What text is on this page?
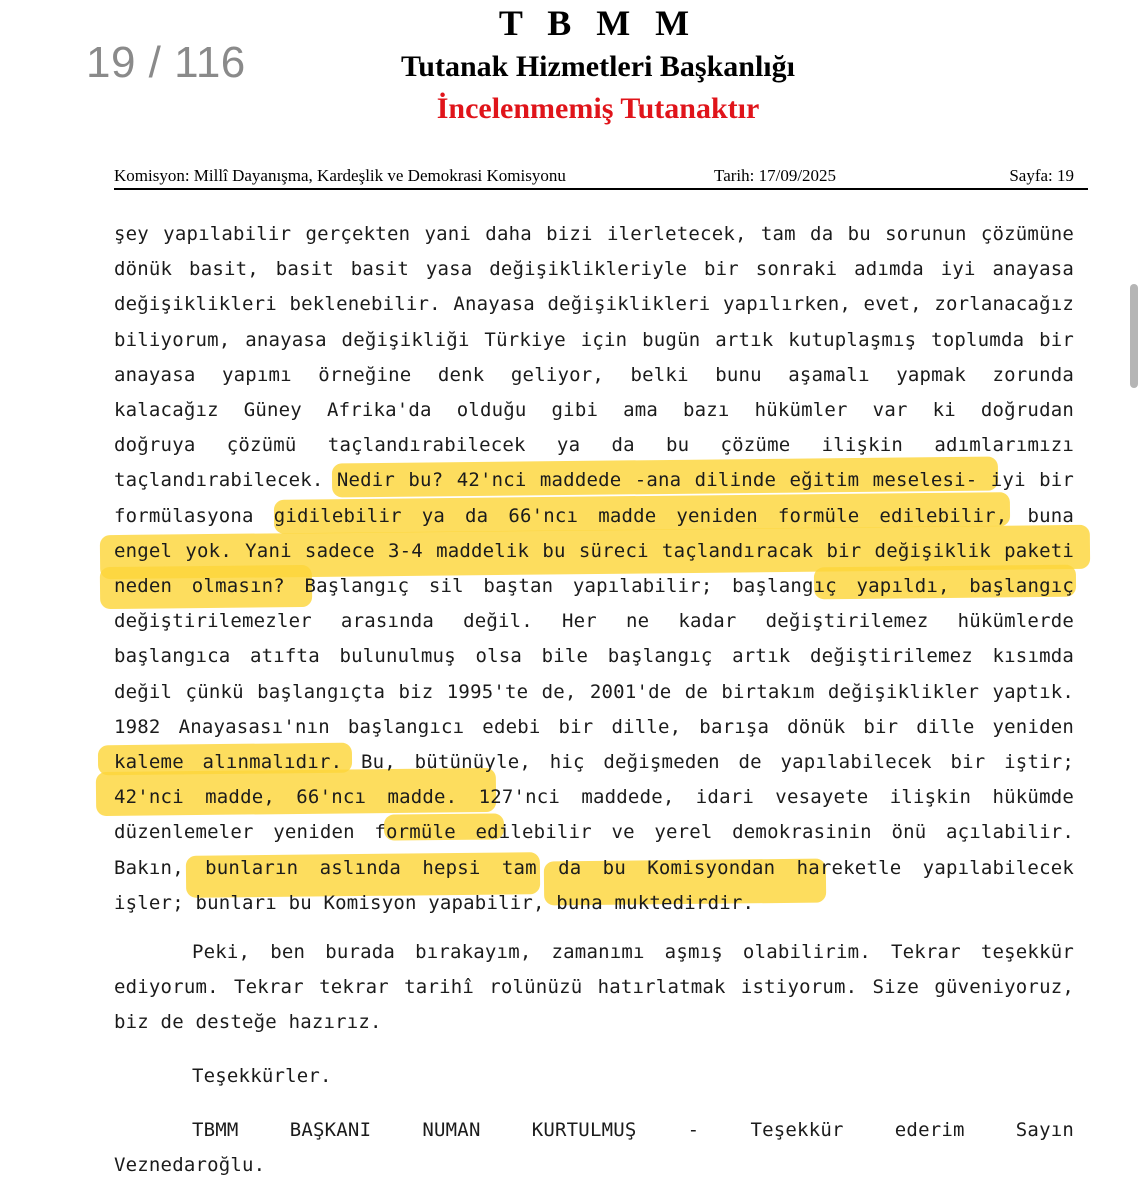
19 / 116
T B M M
Tutanak Hizmetleri Başkanlığı
İncelenmemiş Tutanaktır
Komisyon: Millî Dayanışma, Kardeşlik ve Demokrasi Komisyonu	Tarih: 17/09/2025	Sayfa: 19
şey yapılabilir gerçekten yani daha bizi ilerletecek, tam da bu sorunun çözümüne
dönük basit, basit basit yasa değişiklikleriyle bir sonraki adımda iyi anayasa
değişiklikleri beklenebilir. Anayasa değişiklikleri yapılırken, evet, zorlanacağız
biliyorum, anayasa değişikliği Türkiye için bugün artık kutuplaşmış toplumda bir
anayasa yapımı örneğine denk geliyor, belki bunu aşamalı yapmak zorunda
kalacağız Güney Afrika'da olduğu gibi ama bazı hükümler var ki doğrudan
doğruya çözümü taçlandırabilecek ya da bu çözüme ilişkin adımlarımızı
taçlandırabilecek. Nedir bu? 42'nci maddede -ana dilinde eğitim meselesi- iyi bir
formülasyona gidilebilir ya da 66'ncı madde yeniden formüle edilebilir, buna
engel yok. Yani sadece 3-4 maddelik bu süreci taçlandıracak bir değişiklik paketi
neden olmasın? Başlangıç sil baştan yapılabilir; başlangıç yapıldı, başlangıç
değiştirilemezler arasında değil. Her ne kadar değiştirilemez hükümlerde
başlangıca atıfta bulunulmuş olsa bile başlangıç artık değiştirilemez kısımda
değil çünkü başlangıçta biz 1995'te de, 2001'de de birtakım değişiklikler yaptık.
1982 Anayasası'nın başlangıcı edebi bir dille, barışa dönük bir dille yeniden
kaleme alınmalıdır. Bu, bütünüyle, hiç değişmeden de yapılabilecek bir iştir;
42'nci madde, 66'ncı madde. 127'nci maddede, idari vesayete ilişkin hükümde
düzenlemeler yeniden formüle edilebilir ve yerel demokrasinin önü açılabilir.
Bakın, bunların aslında hepsi tam da bu Komisyondan hareketle yapılabilecek
işler; bunları bu Komisyon yapabilir, buna muktedirdir.
Peki, ben burada bırakayım, zamanımı aşmış olabilirim. Tekrar teşekkür
ediyorum. Tekrar tekrar tarihî rolünüzü hatırlatmak istiyorum. Size güveniyoruz,
biz de desteğe hazırız.
Teşekkürler.
TBMM BAŞKANI NUMAN KURTULMUŞ - Teşekkür ederim Sayın
Veznedaroğlu.
